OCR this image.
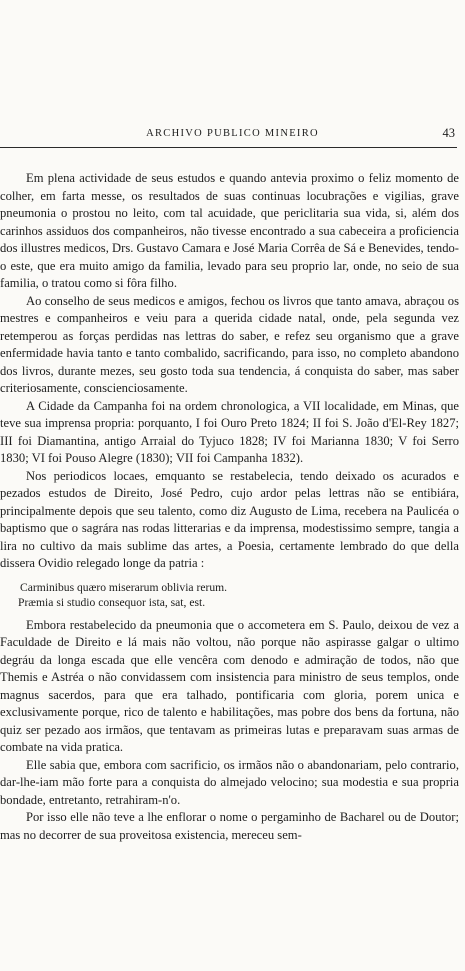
ARCHIVO PUBLICO MINEIRO	43

Em plena actividade de seus estudos e quando antevia proximo o feliz momento de colher, em farta messe, os resultados de suas continuas locubrações e vigilias, grave pneumonia o prostou no leito, com tal acuidade, que periclitaria sua vida, si, além dos carinhos assiduos dos companheiros, não tivesse encontrado a sua cabeceira a proficiencia dos illustres medicos, Drs. Gustavo Camara e José Maria Corrêa de Sá e Benevides, tendo-o este, que era muito amigo da familia, levado para seu proprio lar, onde, no seio de sua familia, o tratou como si fôra filho.

Ao conselho de seus medicos e amigos, fechou os livros que tanto amava, abraçou os mestres e companheiros e veiu para a querida cidade natal, onde, pela segunda vez retemperou as forças perdidas nas lettras do saber, e refez seu organismo que a grave enfermidade havia tanto e tanto combalido, sacrificando, para isso, no completo abandono dos livros, durante mezes, seu gosto toda sua tendencia, á conquista do saber, mas saber criteriosamente, conscienciosamente.

A Cidade da Campanha foi na ordem chronologica, a VII localidade, em Minas, que teve sua imprensa propria: porquanto, I foi Ouro Preto 1824; II foi S. João d'El-Rey 1827; III foi Diamantina, antigo Arraial do Tyjuco 1828; IV foi Marianna 1830; V foi Serro 1830; VI foi Pouso Alegre (1830); VII foi Campanha 1832).

Nos periodicos locaes, emquanto se restabelecia, tendo deixado os acurados e pezados estudos de Direito, José Pedro, cujo ardor pelas lettras não se entibiára, principalmente depois que seu talento, como diz Augusto de Lima, recebera na Paulicéa o baptismo que o sagrára nas rodas litterarias e da imprensa, modestissimo sempre, tangia a lira no cultivo da mais sublime das artes, a Poesia, certamente lembrado do que della dissera Ovidio relegado longe da patria :

Carminibus quæro miserarum oblivia rerum.
Præmia si studio consequor ista, sat, est.

Embora restabelecido da pneumonia que o accometera em S. Paulo, deixou de vez a Faculdade de Direito e lá mais não voltou, não porque não aspirasse galgar o ultimo degráu da longa escada que elle vencêra com denodo e admiração de todos, não que Themis e Astréa o não convidassem com insistencia para ministro de seus templos, onde magnus sacerdos, para que era talhado, pontificaria com gloria, porem unica e exclusivamente porque, rico de talento e habilitações, mas pobre dos bens da fortuna, não quiz ser pezado aos irmãos, que tentavam as primeiras lutas e preparavam suas armas de combate na vida pratica.

Elle sabia que, embora com sacrificio, os irmãos não o abandonariam, pelo contrario, dar-lhe-iam mão forte para a conquista do almejado velocino; sua modestia e sua propria bondade, entretanto, retrahiram-n'o.

Por isso elle não teve a lhe enflorar o nome o pergaminho de Bacharel ou de Doutor; mas no decorrer de sua proveitosa existencia, mereceu sem-
